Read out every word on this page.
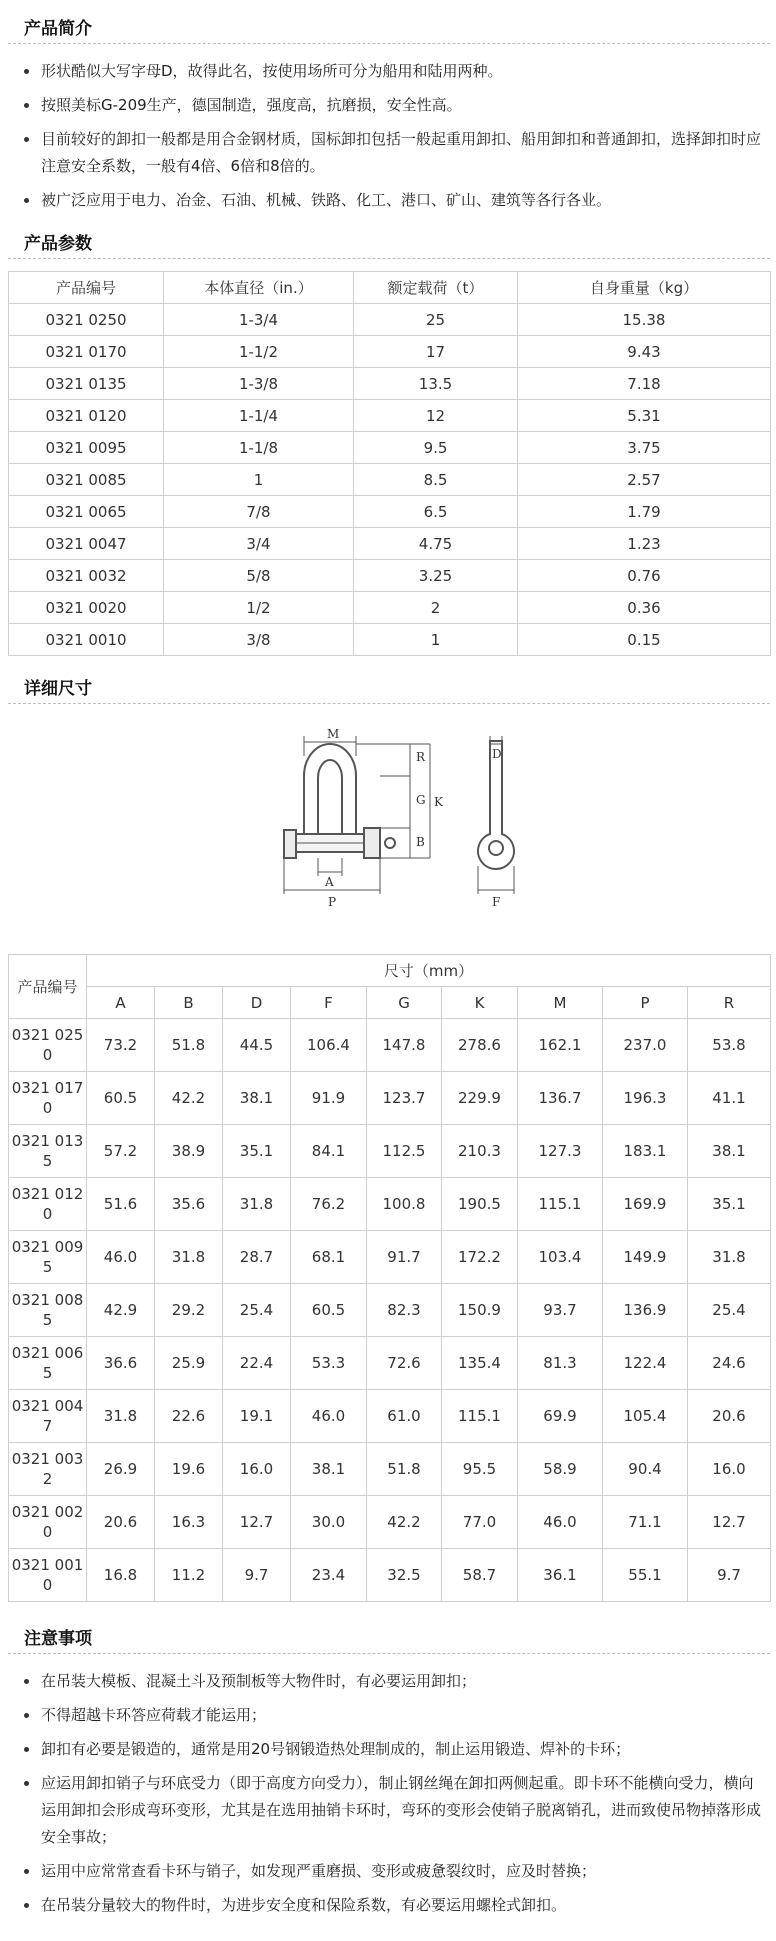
产品简介
形状酷似大写字母D，故得此名，按使用场所可分为船用和陆用两种。
按照美标G-209生产，德国制造，强度高，抗磨损，安全性高。
目前较好的卸扣一般都是用合金钢材质，国标卸扣包括一般起重用卸扣、船用卸扣和普通卸扣，选择卸扣时应注意安全系数，一般有4倍、6倍和8倍的。
被广泛应用于电力、冶金、石油、机械、铁路、化工、港口、矿山、建筑等各行各业。
产品参数
产品编号	本体直径（in.）	额定载荷（t）	自身重量（kg）
0321 0250	1-3/4	25	15.38
0321 0170	1-1/2	17	9.43
0321 0135	1-3/8	13.5	7.18
0321 0120	1-1/4	12	5.31
0321 0095	1-1/8	9.5	3.75
0321 0085	1	8.5	2.57
0321 0065	7/8	6.5	1.79
0321 0047	3/4	4.75	1.23
0321 0032	5/8	3.25	0.76
0321 0020	1/2	2	0.36
0321 0010	3/8	1	0.15
详细尺寸
M
R
G K
B
A
P
D
F
产品编号	尺寸（mm）								
	A	B	D	F	G	K	M	P	R
0321 0250	73.2	51.8	44.5	106.4	147.8	278.6	162.1	237.0	53.8
0321 0170	60.5	42.2	38.1	91.9	123.7	229.9	136.7	196.3	41.1
0321 0135	57.2	38.9	35.1	84.1	112.5	210.3	127.3	183.1	38.1
0321 0120	51.6	35.6	31.8	76.2	100.8	190.5	115.1	169.9	35.1
0321 0095	46.0	31.8	28.7	68.1	91.7	172.2	103.4	149.9	31.8
0321 0085	42.9	29.2	25.4	60.5	82.3	150.9	93.7	136.9	25.4
0321 0065	36.6	25.9	22.4	53.3	72.6	135.4	81.3	122.4	24.6
0321 0047	31.8	22.6	19.1	46.0	61.0	115.1	69.9	105.4	20.6
0321 0032	26.9	19.6	16.0	38.1	51.8	95.5	58.9	90.4	16.0
0321 0020	20.6	16.3	12.7	30.0	42.2	77.0	46.0	71.1	12.7
0321 0010	16.8	11.2	9.7	23.4	32.5	58.7	36.1	55.1	9.7
注意事项
在吊装大模板、混凝土斗及预制板等大物件时，有必要运用卸扣；
不得超越卡环答应荷载才能运用；
卸扣有必要是锻造的，通常是用20号钢锻造热处理制成的，制止运用锻造、焊补的卡环；
应运用卸扣销子与环底受力（即于高度方向受力），制止钢丝绳在卸扣两侧起重。即卡环不能横向受力，横向运用卸扣会形成弯环变形，尤其是在选用抽销卡环时，弯环的变形会使销子脱离销孔，进而致使吊物掉落形成安全事故；
运用中应常常查看卡环与销子，如发现严重磨损、变形或疲惫裂纹时，应及时替换；
在吊装分量较大的物件时，为进步安全度和保险系数，有必要运用螺栓式卸扣。
